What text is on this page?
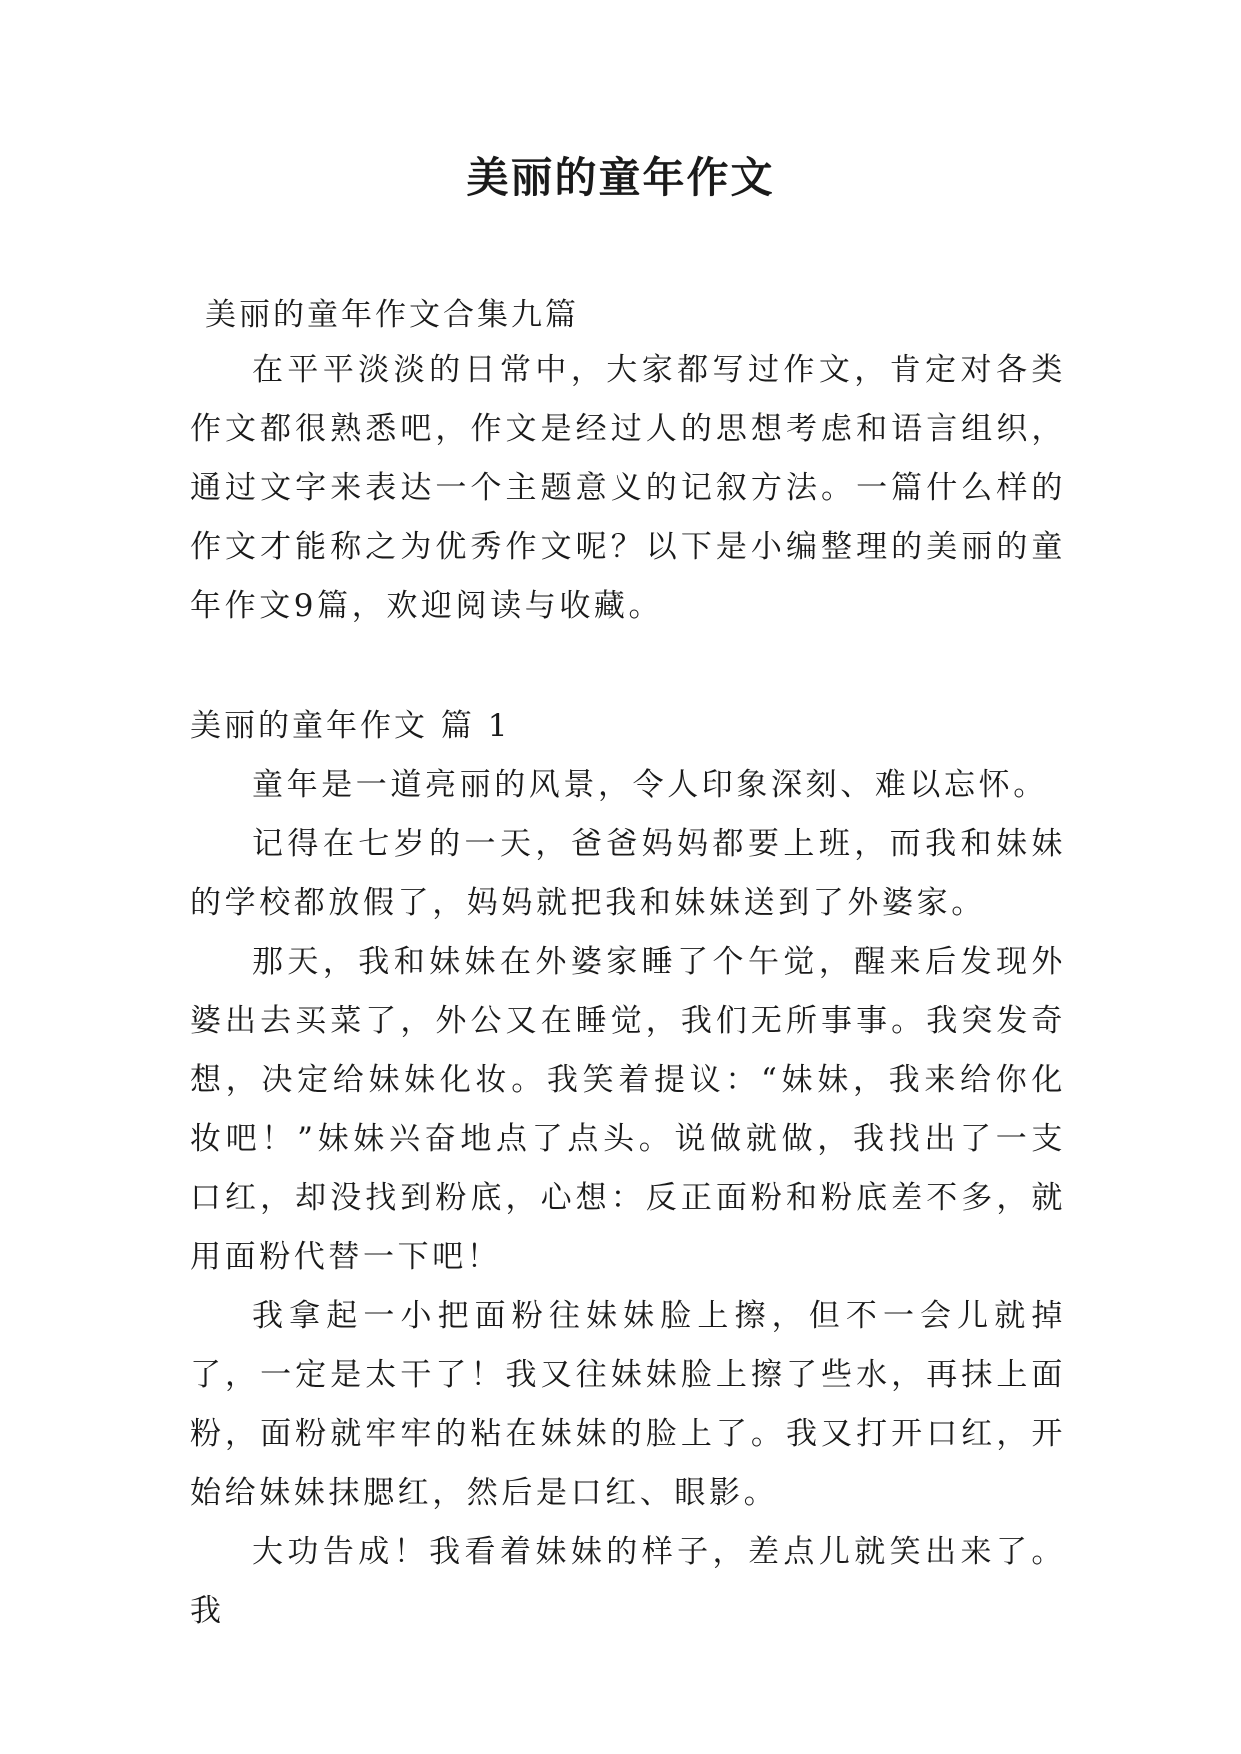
美丽的童年作文
美丽的童年作文合集九篇

在平平淡淡的日常中，大家都写过作文，肯定对各类作文都很熟悉吧，作文是经过人的思想考虑和语言组织，通过文字来表达一个主题意义的记叙方法。一篇什么样的作文才能称之为优秀作文呢？以下是小编整理的美丽的童年作文9篇，欢迎阅读与收藏。

美丽的童年作文 篇 1

童年是一道亮丽的风景，令人印象深刻、难以忘怀。

记得在七岁的一天，爸爸妈妈都要上班，而我和妹妹的学校都放假了，妈妈就把我和妹妹送到了外婆家。

那天，我和妹妹在外婆家睡了个午觉，醒来后发现外婆出去买菜了，外公又在睡觉，我们无所事事。我突发奇想，决定给妹妹化妆。我笑着提议：“妹妹，我来给你化妆吧！”妹妹兴奋地点了点头。说做就做，我找出了一支口红，却没找到粉底，心想：反正面粉和粉底差不多，就用面粉代替一下吧！

我拿起一小把面粉往妹妹脸上擦，但不一会儿就掉了，一定是太干了！我又往妹妹脸上擦了些水，再抹上面粉，面粉就牢牢的粘在妹妹的脸上了。我又打开口红，开始给妹妹抹腮红，然后是口红、眼影。

大功告成！我看着妹妹的样子，差点儿就笑出来了。我
